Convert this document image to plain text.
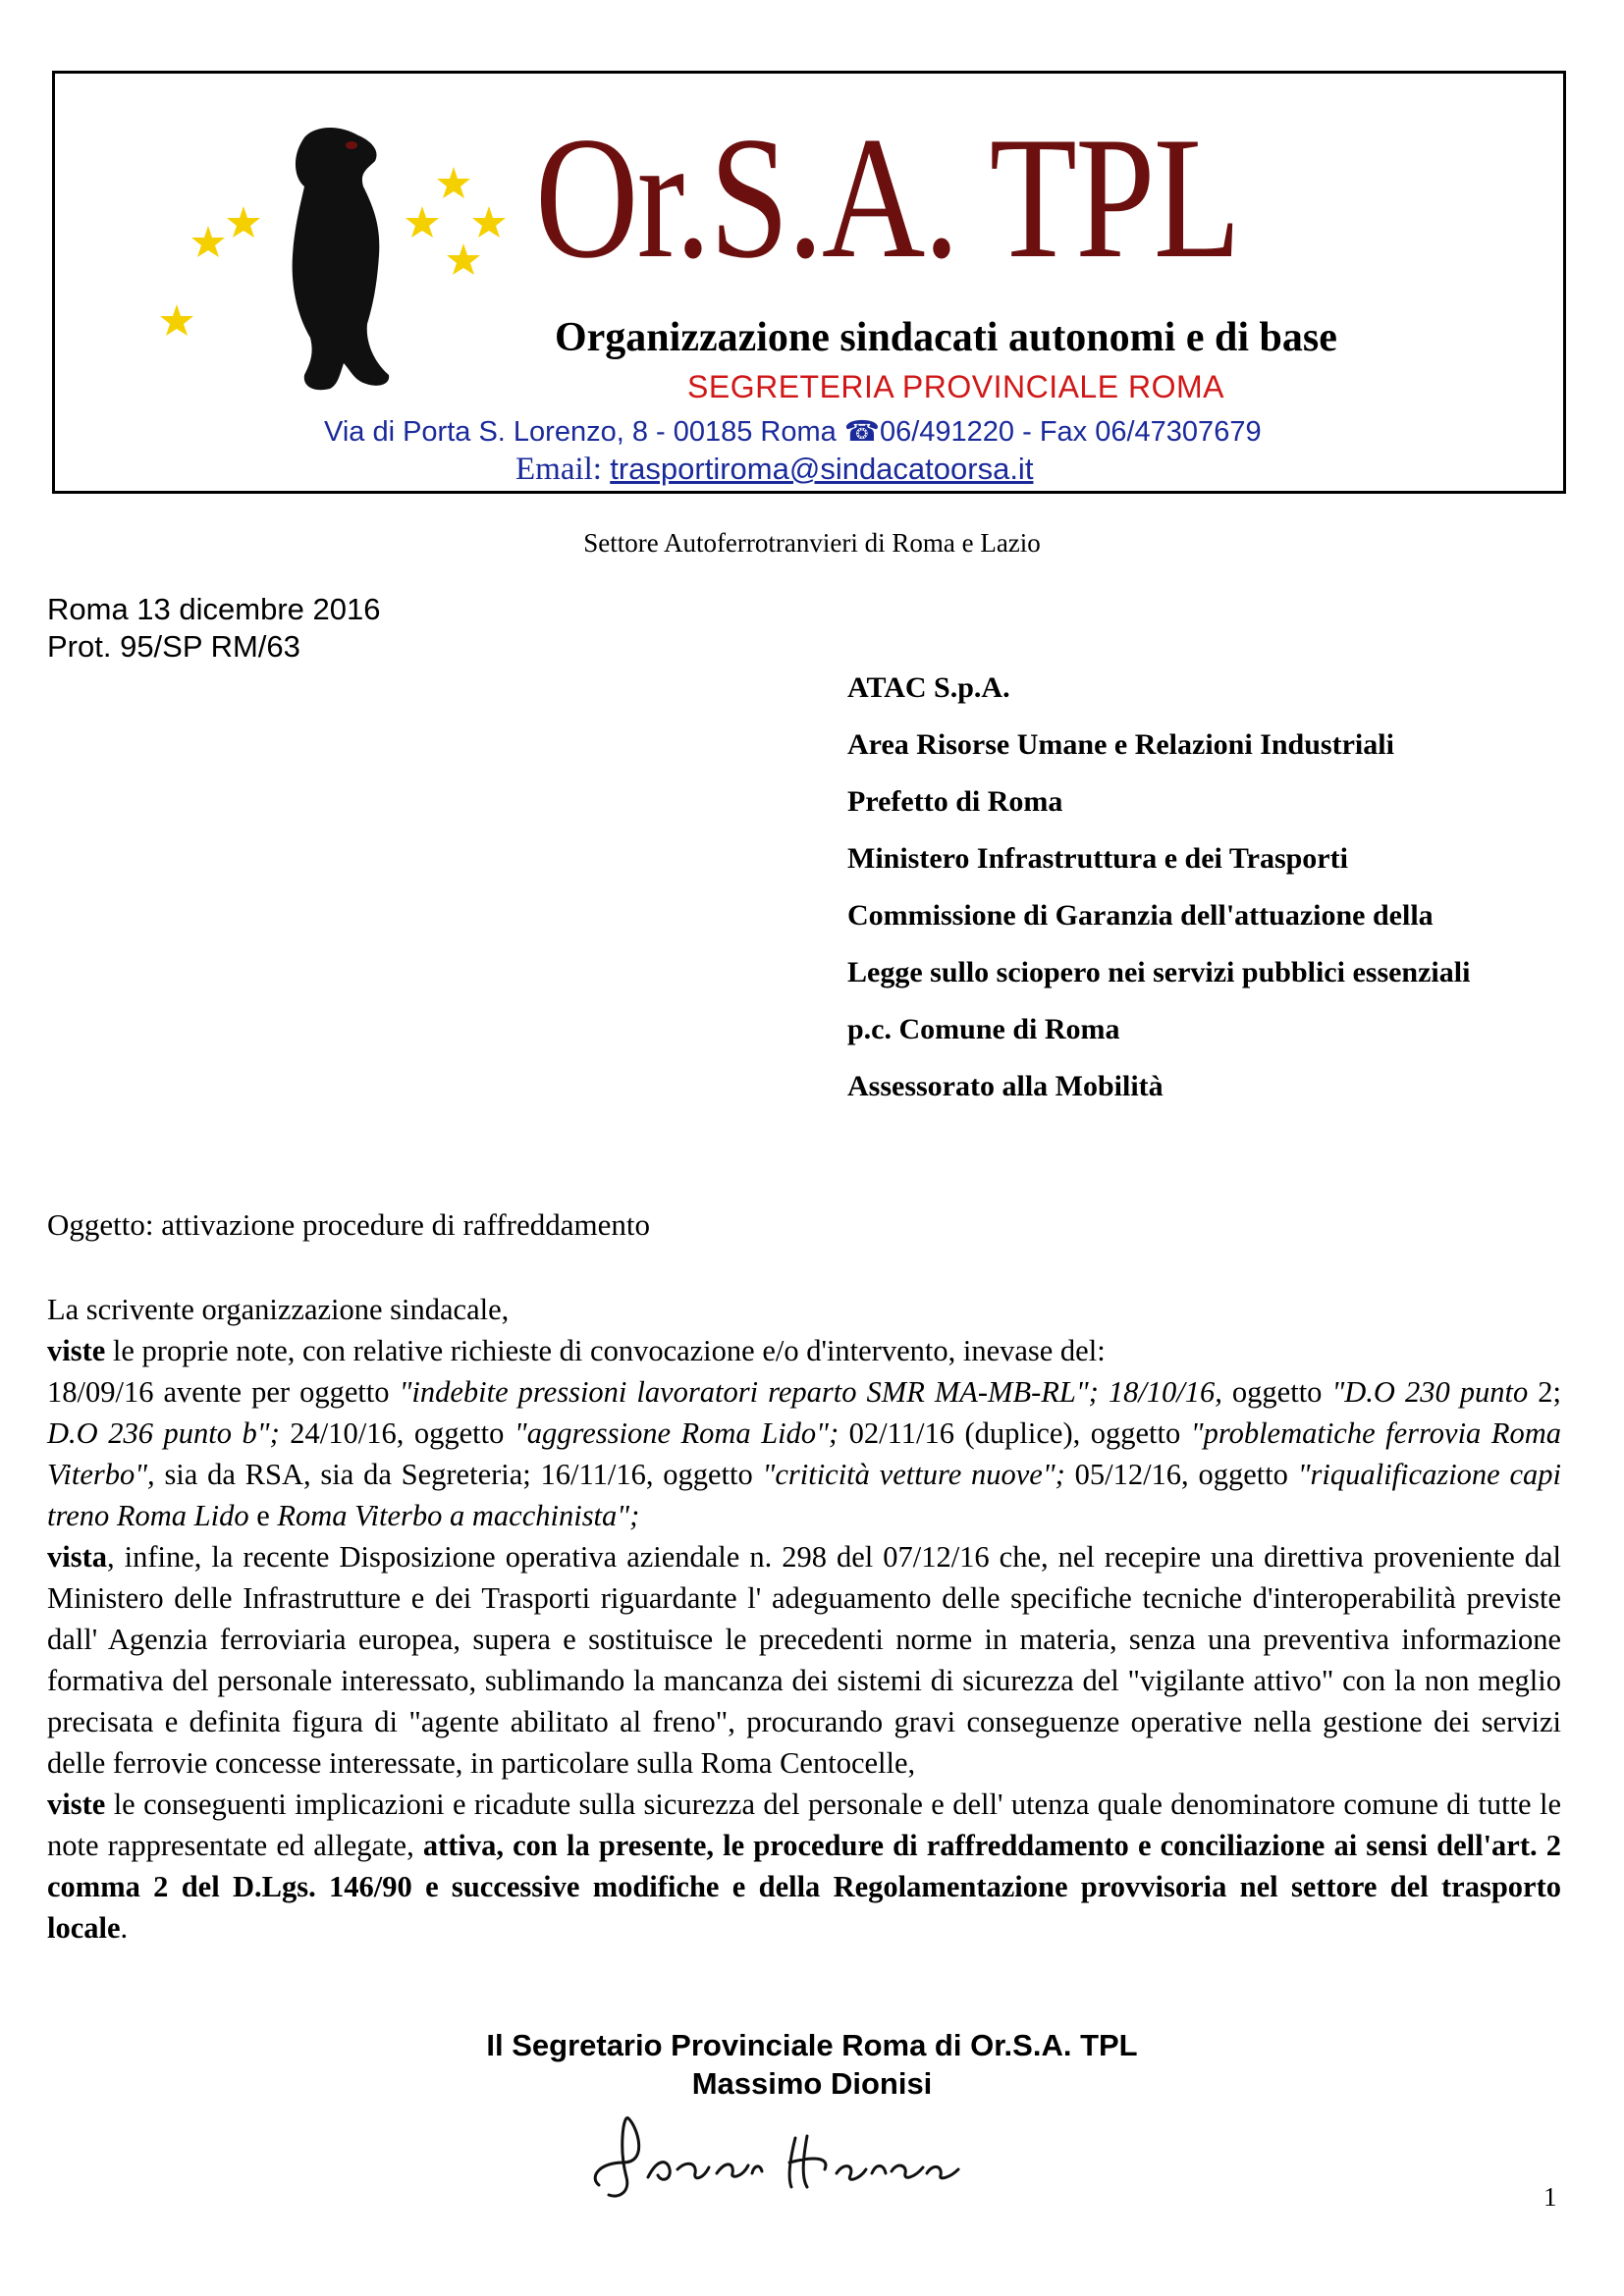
Or.S.A. TPL
Organizzazione sindacati autonomi e di base
SEGRETERIA PROVINCIALE ROMA
Via di Porta S. Lorenzo, 8 - 00185 Roma ☎06/491220 - Fax 06/47307679
Email: trasportiroma@sindacatoorsa.it
Settore Autoferrotranvieri di Roma e Lazio
Roma 13 dicembre 2016
Prot. 95/SP RM/63
ATAC S.p.A.
Area Risorse Umane e Relazioni Industriali
Prefetto di Roma
Ministero Infrastruttura e dei Trasporti
Commissione di Garanzia dell'attuazione della
Legge sullo sciopero nei servizi pubblici essenziali
p.c. Comune di Roma
Assessorato alla Mobilità
Oggetto: attivazione procedure di raffreddamento

La scrivente organizzazione sindacale,

viste le proprie note, con relative richieste di convocazione e/o d'intervento, inevase del:

18/09/16 avente per oggetto "indebite pressioni lavoratori reparto SMR MA-MB-RL"; 18/10/16, oggetto "D.O 230 punto 2; D.O 236 punto b"; 24/10/16, oggetto "aggressione Roma Lido"; 02/11/16 (duplice), oggetto "problematiche ferrovia Roma Viterbo", sia da RSA, sia da Segreteria; 16/11/16, oggetto "criticità vetture nuove"; 05/12/16, oggetto "riqualificazione capi treno Roma Lido e Roma Viterbo a macchinista";

vista, infine, la recente Disposizione operativa aziendale n. 298 del 07/12/16 che, nel recepire una direttiva proveniente dal Ministero delle Infrastrutture e dei Trasporti riguardante l' adeguamento delle specifiche tecniche d'interoperabilità previste dall' Agenzia ferroviaria europea, supera e sostituisce le precedenti norme in materia, senza una preventiva informazione formativa del personale interessato, sublimando la mancanza dei sistemi di sicurezza del "vigilante attivo" con la non meglio precisata e definita figura di "agente abilitato al freno", procurando gravi conseguenze operative nella gestione dei servizi delle ferrovie concesse interessate, in particolare sulla Roma Centocelle,

viste le conseguenti implicazioni e ricadute sulla sicurezza del personale e dell' utenza quale denominatore comune di tutte le note rappresentate ed allegate, attiva, con la presente, le procedure di raffreddamento e conciliazione ai sensi dell'art. 2 comma 2 del D.Lgs. 146/90 e successive modifiche e della Regolamentazione provvisoria nel settore del trasporto locale.

Il Segretario Provinciale Roma di Or.S.A. TPL
Massimo Dionisi
1
